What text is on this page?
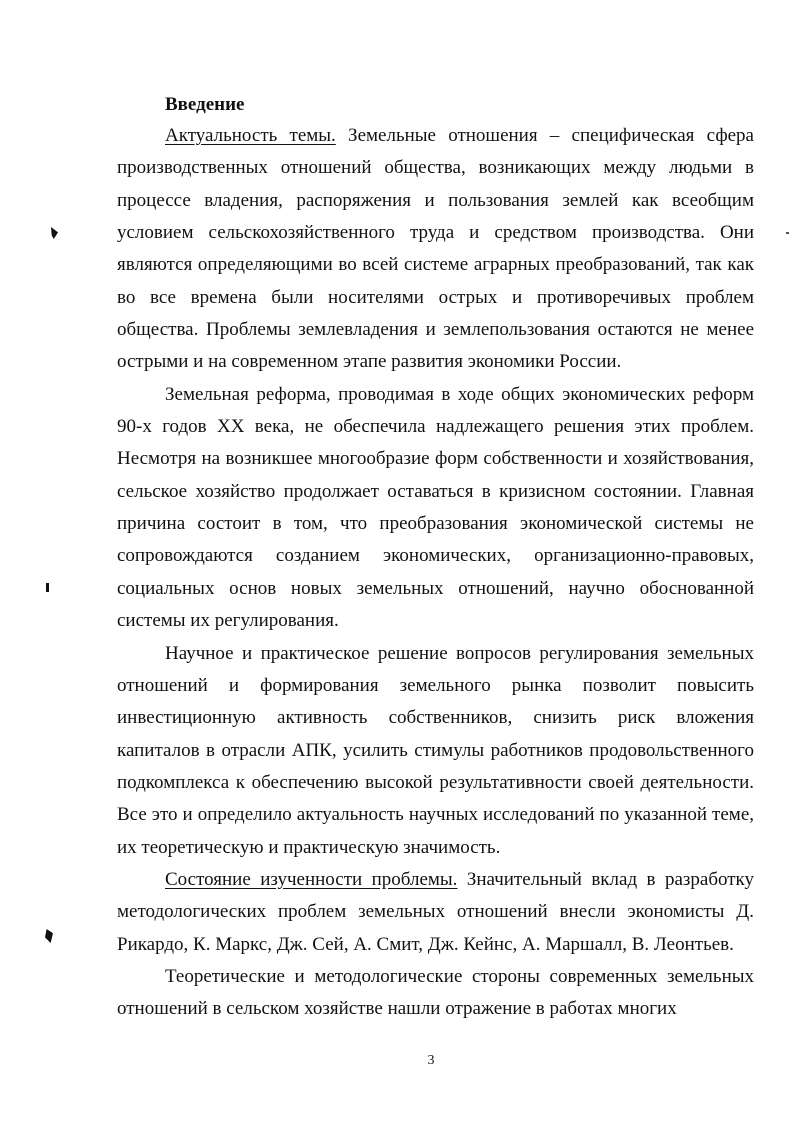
Введение

Актуальность темы. Земельные отношения – специфическая сфера производственных отношений общества, возникающих между людьми в процессе владения, распоряжения и пользования землей как всеобщим условием сельскохозяйственного труда и средством производства. Они являются определяющими во всей системе аграрных преобразований, так как во все времена были носителями острых и противоречивых проблем общества. Проблемы землевладения и землепользования остаются не менее острыми и на современном этапе развития экономики России.

Земельная реформа, проводимая в ходе общих экономических реформ 90-х годов XX века, не обеспечила надлежащего решения этих проблем. Несмотря на возникшее многообразие форм собственности и хозяйствования, сельское хозяйство продолжает оставаться в кризисном состоянии. Главная причина состоит в том, что преобразования экономической системы не сопровождаются созданием экономических, организационно-правовых, социальных основ новых земельных отношений, научно обоснованной системы их регулирования.

Научное и практическое решение вопросов регулирования земельных отношений и формирования земельного рынка позволит повысить инвестиционную активность собственников, снизить риск вложения капиталов в отрасли АПК, усилить стимулы работников продовольственного подкомплекса к обеспечению высокой результативности своей деятельности. Все это и определило актуальность научных исследований по указанной теме, их теоретическую и практическую значимость.

Состояние изученности проблемы. Значительный вклад в разработку методологических проблем земельных отношений внесли экономисты Д. Рикардо, К. Маркс, Дж. Сей, А. Смит, Дж. Кейнс, А. Маршалл, В. Леонтьев.

Теоретические и методологические стороны современных земельных отношений в сельском хозяйстве нашли отражение в работах многих

3
